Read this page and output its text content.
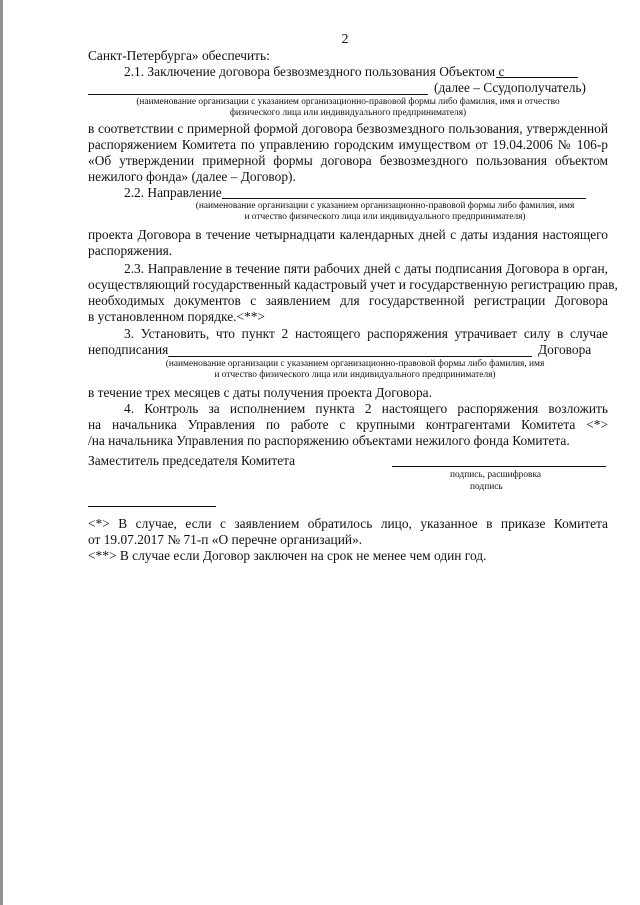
2
Санкт-Петербурга» обеспечить:
2.1. Заключение договора безвозмездного пользования Объектом с
(далее – Ссудополучатель)
(наименование организации с указанием организационно-правовой формы либо фамилия, имя и отчество
физического лица или индивидуального предпринимателя)
в соответствии с примерной формой договора безвозмездного пользования, утвержденной
распоряжением Комитета по управлению городским имуществом от 19.04.2006 № 106-р
«Об утверждении примерной формы договора безвозмездного пользования объектом
нежилого фонда» (далее – Договор).
2.2. Направление
(наименование организации с указанием организационно-правовой формы либо фамилия, имя
и отчество физического лица или индивидуального предпринимателя)
проекта Договора в течение четырнадцати календарных дней с даты издания настоящего
распоряжения.
2.3. Направление в течение пяти рабочих дней с даты подписания Договора в орган,
осуществляющий государственный кадастровый учет и государственную регистрацию прав,
необходимых документов с заявлением для государственной регистрации Договора
в установленном порядке.<**>
3. Установить, что пункт 2 настоящего распоряжения утрачивает силу в случае
неподписания	Договора
(наименование организации с указанием организационно-правовой формы либо фамилия, имя
и отчество физического лица или индивидуального предпринимателя)
в течение трех месяцев с даты получения проекта Договора.
4. Контроль за исполнением пункта 2 настоящего распоряжения возложить
на начальника Управления по работе с крупными контрагентами Комитета <*>
/на начальника Управления по распоряжению объектами нежилого фонда Комитета.
Заместитель председателя Комитета
подпись, расшифровка
подпись
<*> В случае, если с заявлением обратилось лицо, указанное в приказе Комитета
от 19.07.2017 № 71-п «О перечне организаций».
<**> В случае если Договор заключен на срок не менее чем один год.
